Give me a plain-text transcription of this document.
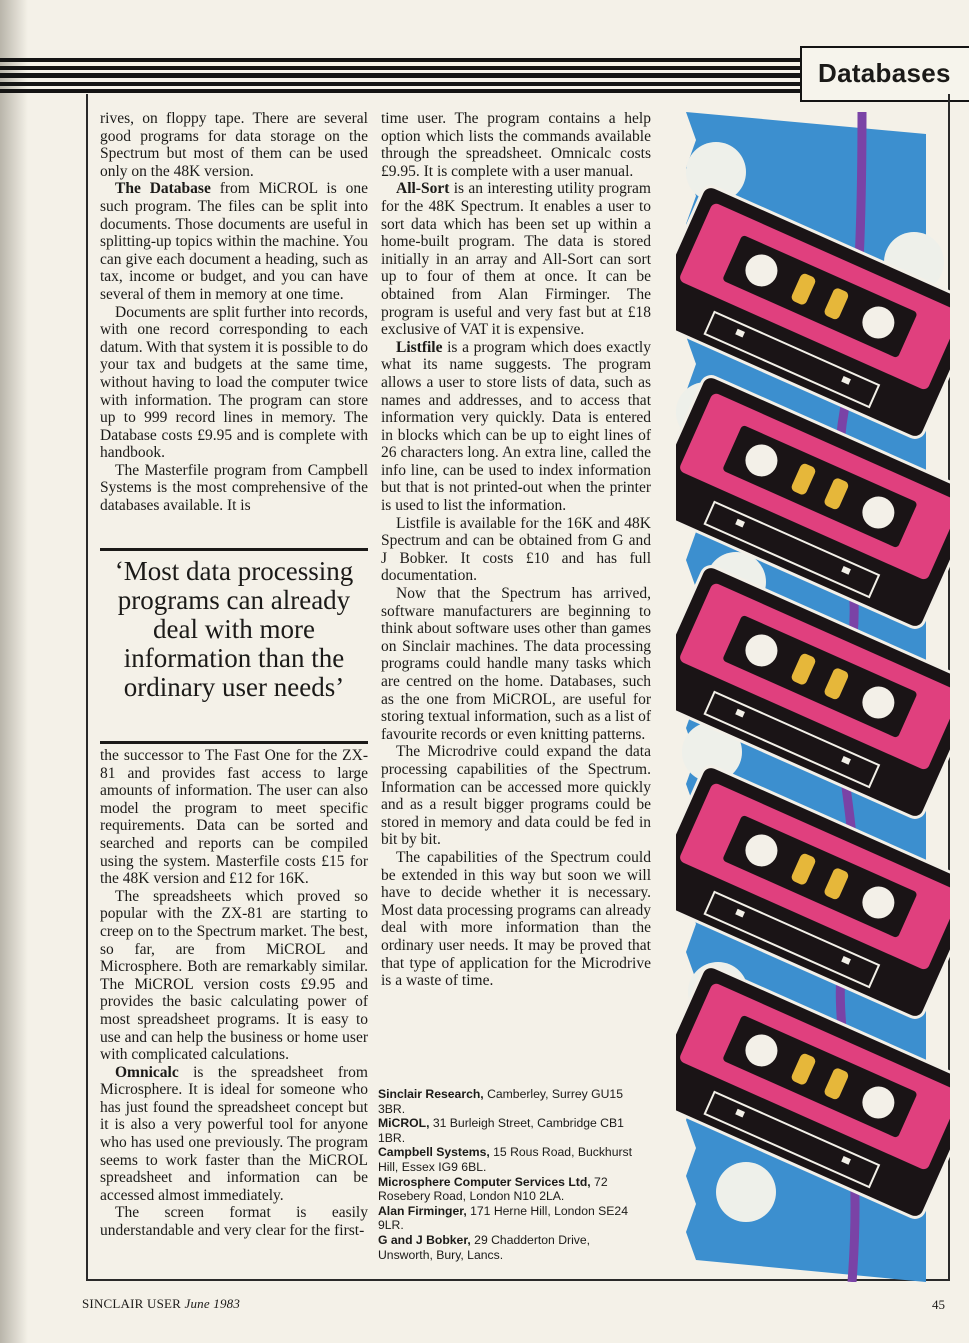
Databases

rives, on floppy tape. There are several good programs for data storage on the Spectrum but most of them can be used only on the 48K version.

The Database from MiCROL is one such program. The files can be split into documents. Those documents are useful in splitting-up topics within the machine. You can give each document a heading, such as tax, income or budget, and you can have several of them in memory at one time.

Documents are split further into records, with one record corresponding to each datum. With that system it is possible to do your tax and budgets at the same time, without having to load the computer twice with information. The program can store up to 999 record lines in memory. The Database costs £9.95 and is complete with handbook.

The Masterfile program from Campbell Systems is the most comprehensive of the databases available. It is

‘Most data processing programs can already deal with more information than the ordinary user needs’

the successor to The Fast One for the ZX-81 and provides fast access to large amounts of information. The user can also model the program to meet specific requirements. Data can be sorted and searched and reports can be compiled using the system. Masterfile costs £15 for the 48K version and £12 for 16K.

The spreadsheets which proved so popular with the ZX-81 are starting to creep on to the Spectrum market. The best, so far, are from MiCROL and Microsphere. Both are remarkably similar. The MiCROL version costs £9.95 and provides the basic calculating power of most spreadsheet programs. It is easy to use and can help the business or home user with complicated calculations.

Omnicalc is the spreadsheet from Microsphere. It is ideal for someone who has just found the spreadsheet concept but it is also a very powerful tool for anyone who has used one previously. The program seems to work faster than the MiCROL spreadsheet and information can be accessed almost immediately.

The screen format is easily understandable and very clear for the first-

time user. The program contains a help option which lists the commands available through the spreadsheet. Omnicalc costs £9.95. It is complete with a user manual.

All-Sort is an interesting utility program for the 48K Spectrum. It enables a user to sort data which has been set up within a home-built program. The data is stored initially in an array and All-Sort can sort up to four of them at once. It can be obtained from Alan Firminger. The program is useful and very fast but at £18 exclusive of VAT it is expensive.

Listfile is a program which does exactly what its name suggests. The program allows a user to store lists of data, such as names and addresses, and to access that information very quickly. Data is entered in blocks which can be up to eight lines of 26 characters long. An extra line, called the info line, can be used to index information but that is not printed-out when the printer is used to list the information.

Listfile is available for the 16K and 48K Spectrum and can be obtained from G and J Bobker. It costs £10 and has full documentation.

Now that the Spectrum has arrived, software manufacturers are beginning to think about software uses other than games on Sinclair machines. The data processing programs could handle many tasks which are centred on the home. Databases, such as the one from MiCROL, are useful for storing textual information, such as a list of favourite records or even knitting patterns.

The Microdrive could expand the data processing capabilities of the Spectrum. Information can be accessed more quickly and as a result bigger programs could be stored in memory and data could be fed in bit by bit.

The capabilities of the Spectrum could be extended in this way but soon we will have to decide whether it is necessary. Most data processing programs can already deal with more information than the ordinary user needs. It may be proved that that type of application for the Microdrive is a waste of time.

Sinclair Research, Camberley, Surrey GU15 3BR.

MiCROL, 31 Burleigh Street, Cambridge CB1 1BR.

Campbell Systems, 15 Rous Road, Buckhurst Hill, Essex IG9 6BL.

Microsphere Computer Services Ltd, 72 Rosebery Road, London N10 2LA.

Alan Firminger, 171 Herne Hill, London SE24 9LR.

G and J Bobker, 29 Chadderton Drive, Unsworth, Bury, Lancs.

SINCLAIR USER June 1983	45
